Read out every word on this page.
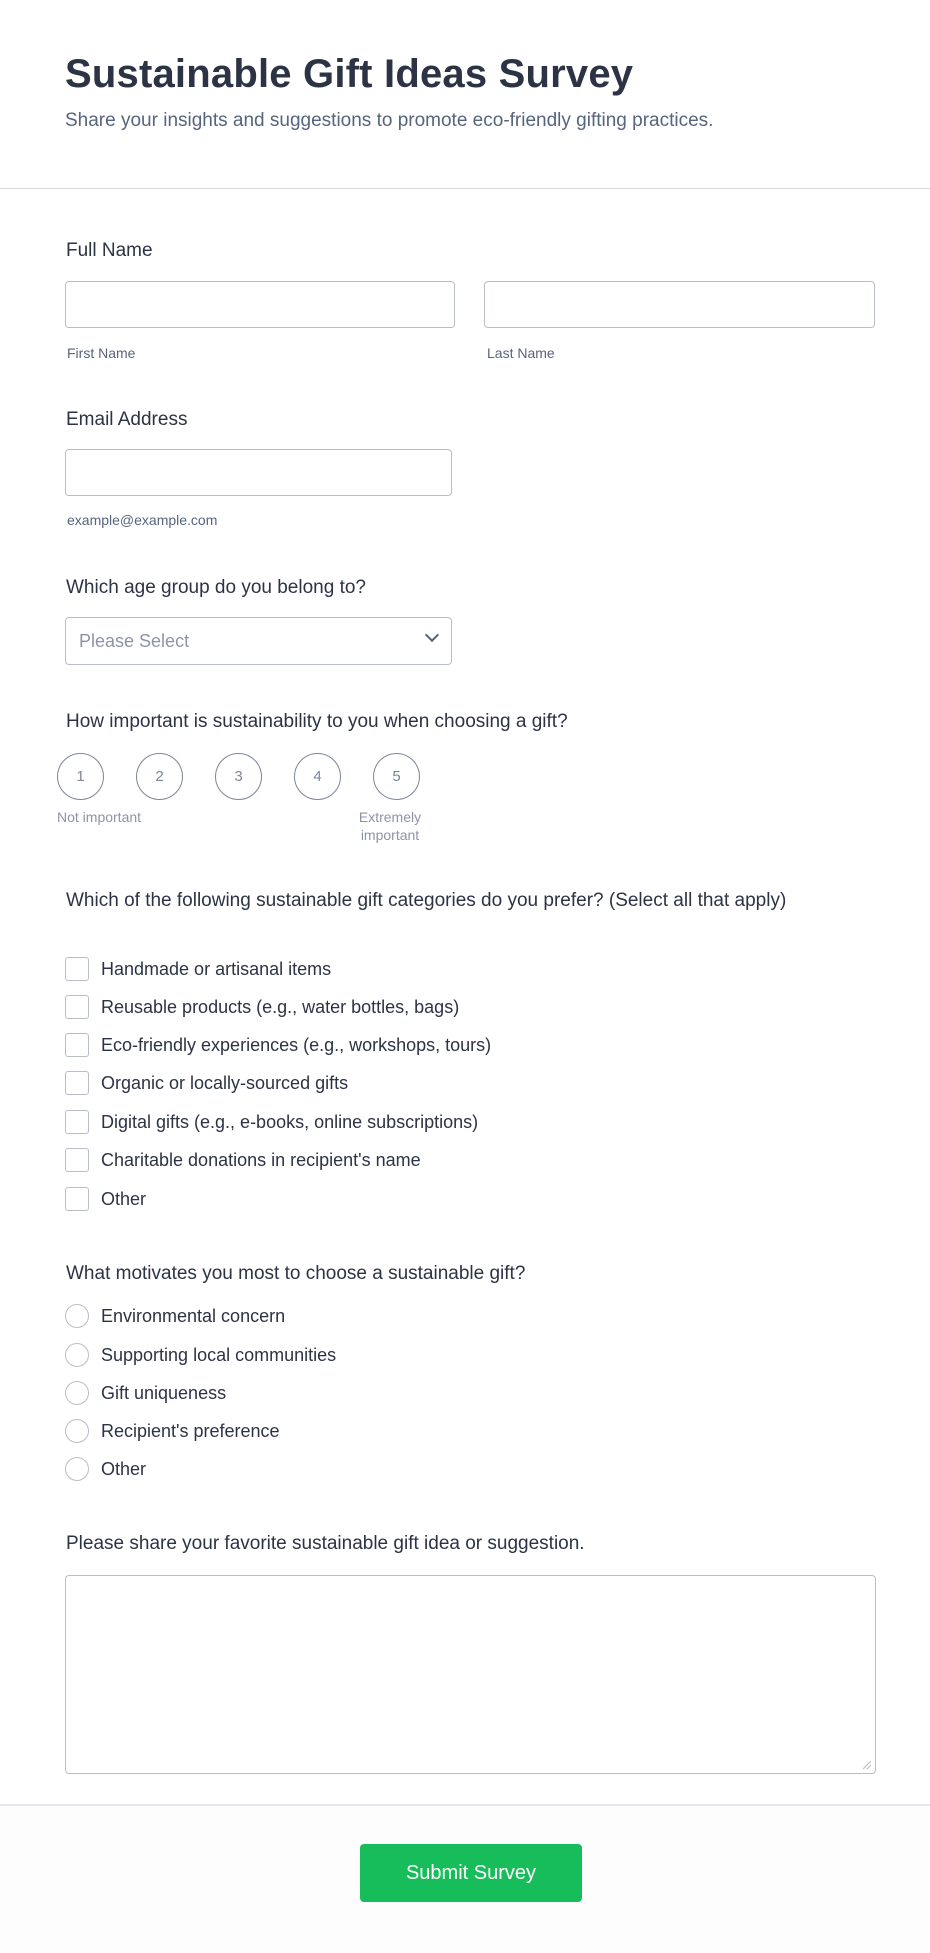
Sustainable Gift Ideas Survey
Share your insights and suggestions to promote eco-friendly gifting practices.
Full Name
First Name	Last Name
Email Address
example@example.com
Which age group do you belong to?
Please Select
How important is sustainability to you when choosing a gift?
1	2	3	4	5
Not important	Extremely
important
Which of the following sustainable gift categories do you prefer? (Select all that apply)
Handmade or artisanal items
Reusable products (e.g., water bottles, bags)
Eco-friendly experiences (e.g., workshops, tours)
Organic or locally-sourced gifts
Digital gifts (e.g., e-books, online subscriptions)
Charitable donations in recipient's name
Other
What motivates you most to choose a sustainable gift?
Environmental concern
Supporting local communities
Gift uniqueness
Recipient's preference
Other
Please share your favorite sustainable gift idea or suggestion.
Submit Survey
